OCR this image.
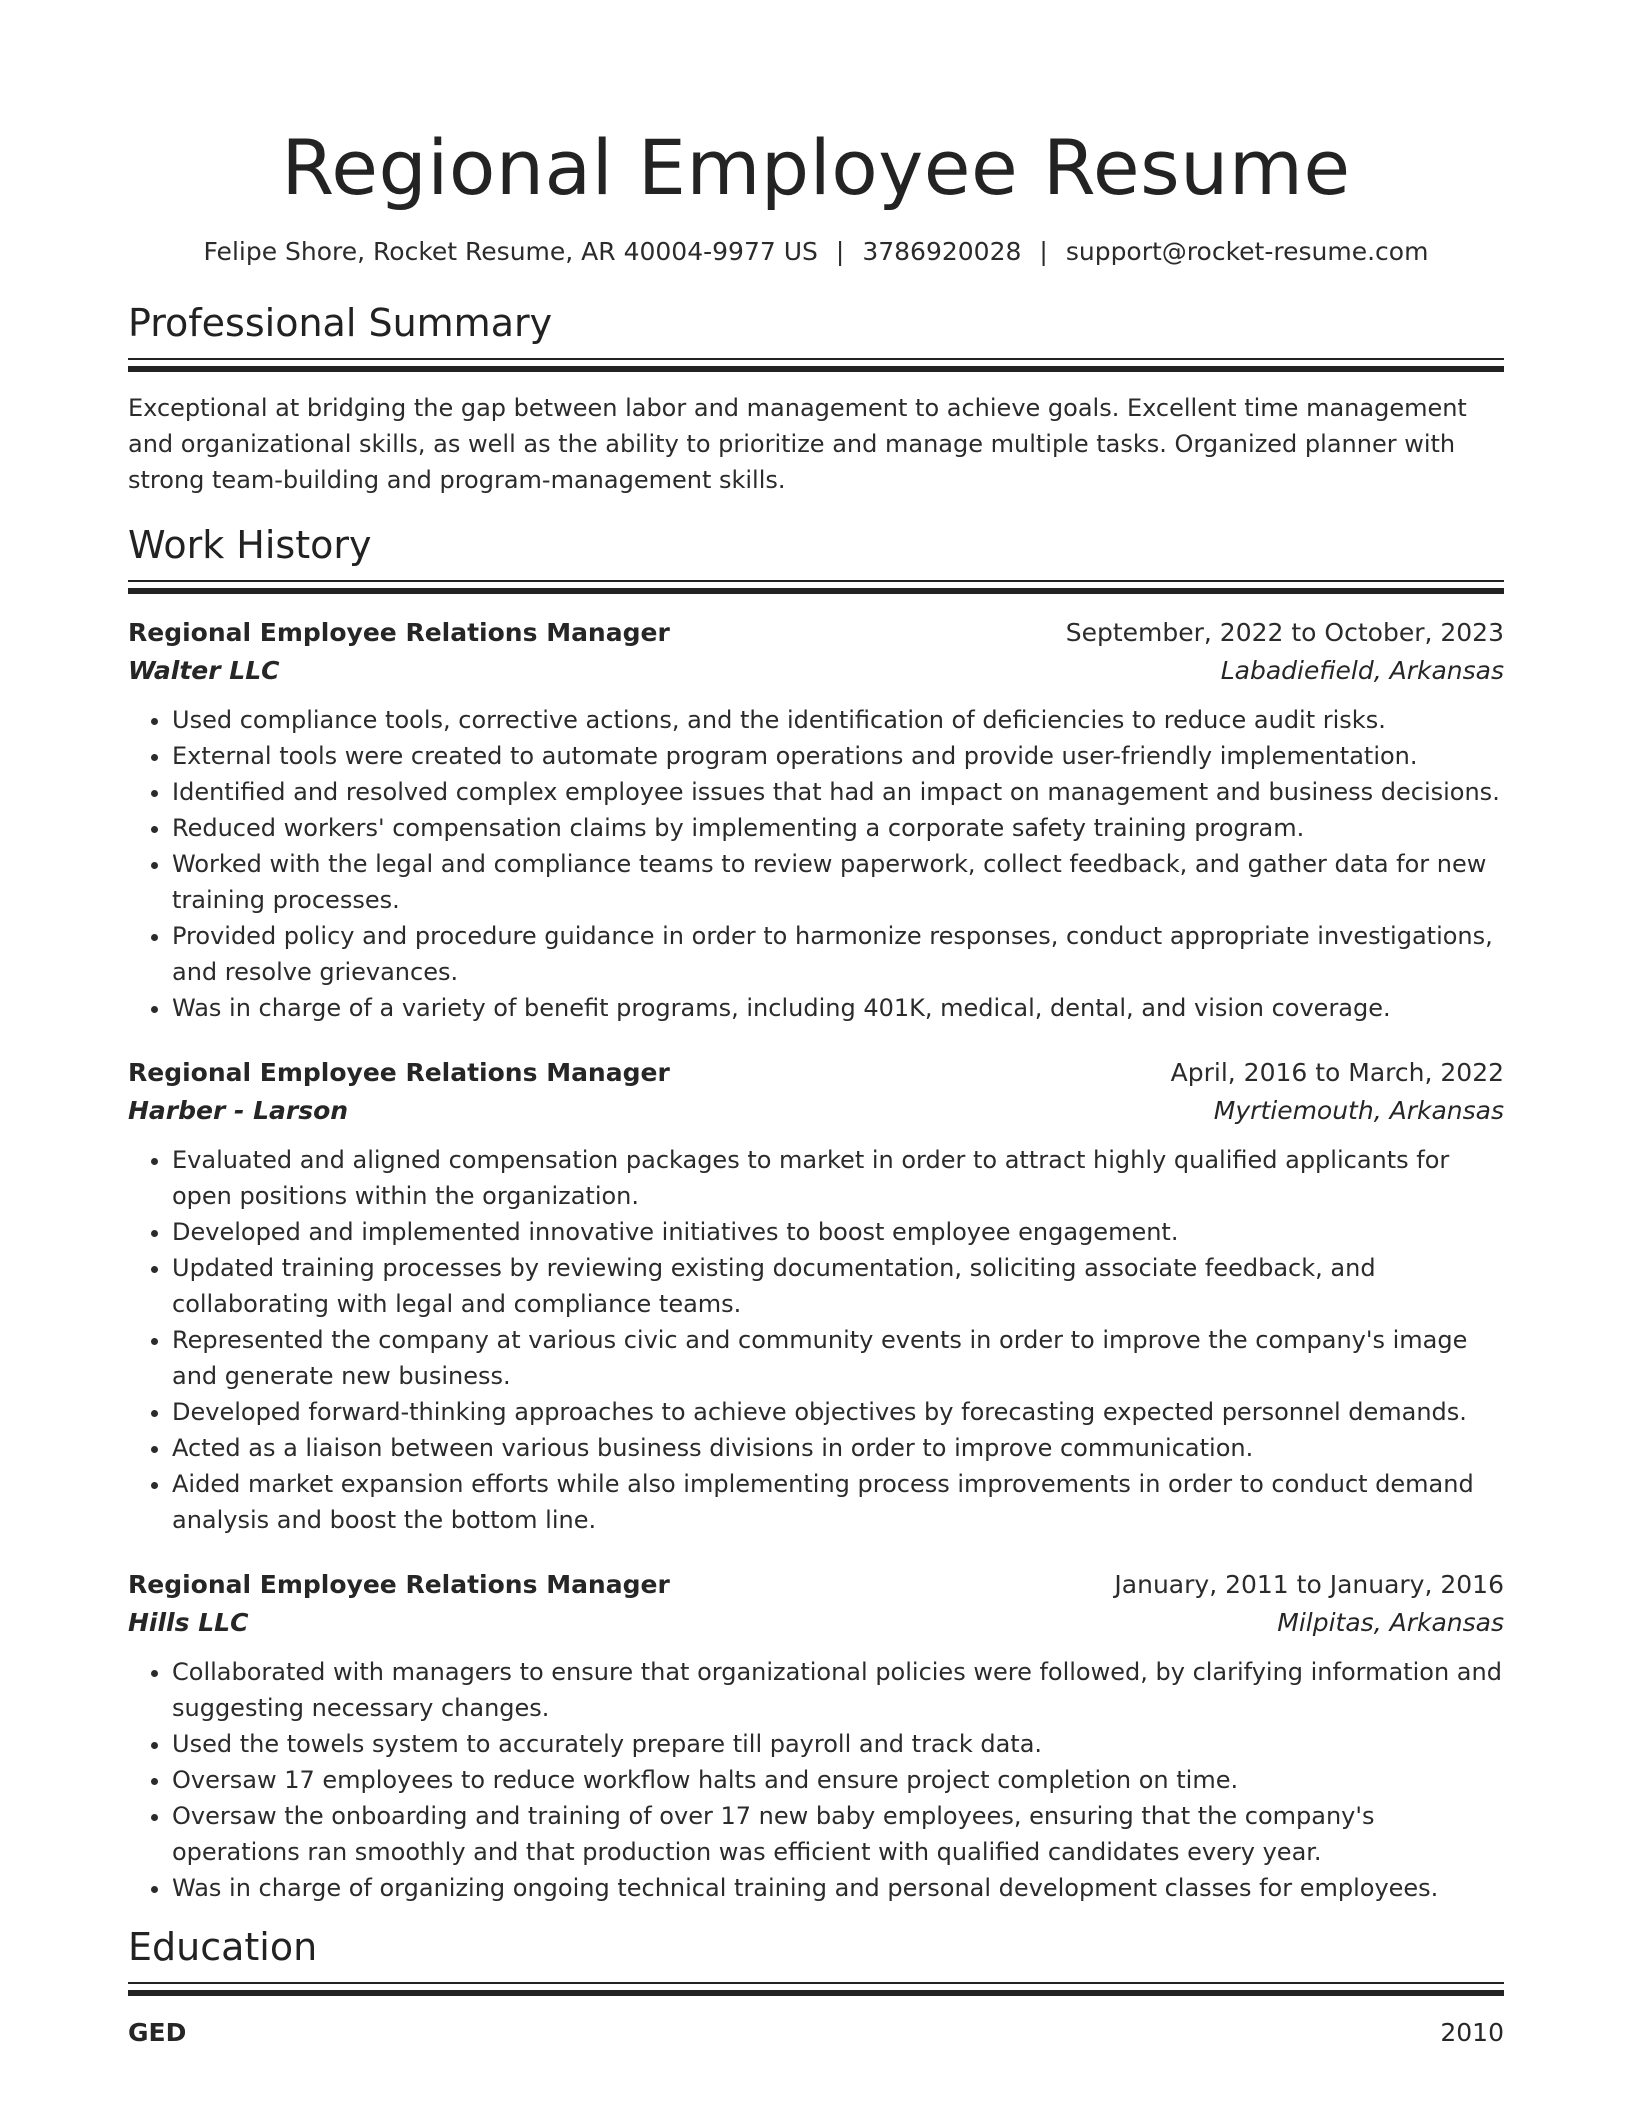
Regional Employee Resume
Felipe Shore, Rocket Resume, AR 40004-9977 US | 3786920028 | support@rocket-resume.com
Professional Summary
Exceptional at bridging the gap between labor and management to achieve goals. Excellent time management and organizational skills, as well as the ability to prioritize and manage multiple tasks. Organized planner with strong team-building and program-management skills.
Work History
Regional Employee Relations Manager	September, 2022 to October, 2023
Walter LLC	Labadiefield, Arkansas
• Used compliance tools, corrective actions, and the identification of deficiencies to reduce audit risks.
• External tools were created to automate program operations and provide user-friendly implementation.
• Identified and resolved complex employee issues that had an impact on management and business decisions.
• Reduced workers' compensation claims by implementing a corporate safety training program.
• Worked with the legal and compliance teams to review paperwork, collect feedback, and gather data for new training processes.
• Provided policy and procedure guidance in order to harmonize responses, conduct appropriate investigations, and resolve grievances.
• Was in charge of a variety of benefit programs, including 401K, medical, dental, and vision coverage.
Regional Employee Relations Manager	April, 2016 to March, 2022
Harber - Larson	Myrtiemouth, Arkansas
• Evaluated and aligned compensation packages to market in order to attract highly qualified applicants for open positions within the organization.
• Developed and implemented innovative initiatives to boost employee engagement.
• Updated training processes by reviewing existing documentation, soliciting associate feedback, and collaborating with legal and compliance teams.
• Represented the company at various civic and community events in order to improve the company's image and generate new business.
• Developed forward-thinking approaches to achieve objectives by forecasting expected personnel demands.
• Acted as a liaison between various business divisions in order to improve communication.
• Aided market expansion efforts while also implementing process improvements in order to conduct demand analysis and boost the bottom line.
Regional Employee Relations Manager	January, 2011 to January, 2016
Hills LLC	Milpitas, Arkansas
• Collaborated with managers to ensure that organizational policies were followed, by clarifying information and suggesting necessary changes.
• Used the towels system to accurately prepare till payroll and track data.
• Oversaw 17 employees to reduce workflow halts and ensure project completion on time.
• Oversaw the onboarding and training of over 17 new baby employees, ensuring that the company's operations ran smoothly and that production was efficient with qualified candidates every year.
• Was in charge of organizing ongoing technical training and personal development classes for employees.
Education
GED	2010
